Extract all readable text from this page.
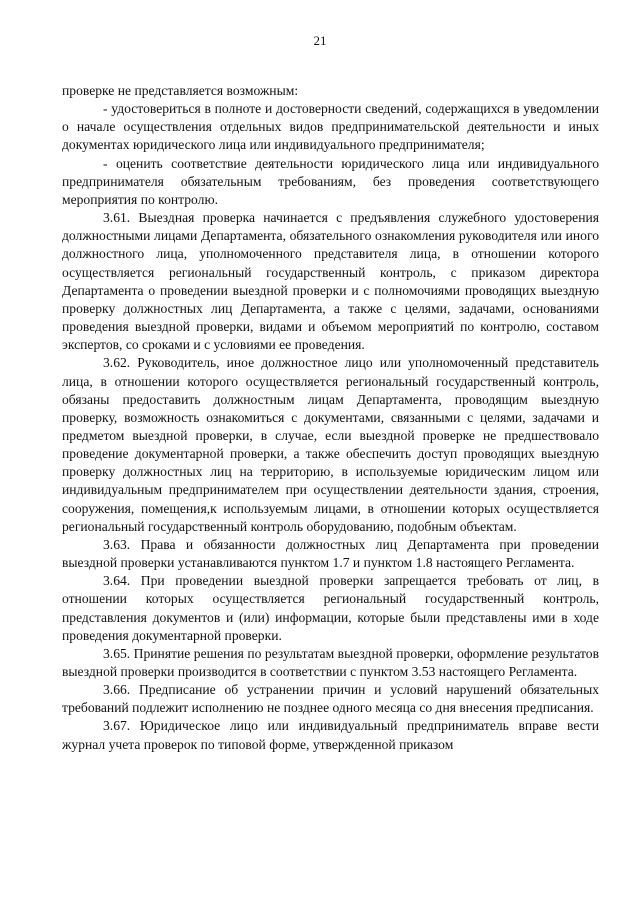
21

проверке не представляется возможным:

- удостовериться в полноте и достоверности сведений, содержащихся в уведомлении о начале осуществления отдельных видов предпринимательской деятельности и иных документах юридического лица или индивидуального предпринимателя;

- оценить соответствие деятельности юридического лица или индивидуального предпринимателя обязательным требованиям, без проведения соответствующего мероприятия по контролю.

3.61. Выездная проверка начинается с предъявления служебного удостоверения должностными лицами Департамента, обязательного ознакомления руководителя или иного должностного лица, уполномоченного представителя лица, в отношении которого осуществляется региональный государственный контроль, с приказом директора Департамента о проведении выездной проверки и с полномочиями проводящих выездную проверку должностных лиц Департамента, а также с целями, задачами, основаниями проведения выездной проверки, видами и объемом мероприятий по контролю, составом экспертов, со сроками и с условиями ее проведения.

3.62. Руководитель, иное должностное лицо или уполномоченный представитель лица, в отношении которого осуществляется региональный государственный контроль, обязаны предоставить должностным лицам Департамента, проводящим выездную проверку, возможность ознакомиться с документами, связанными с целями, задачами и предметом выездной проверки, в случае, если выездной проверке не предшествовало проведение документарной проверки, а также обеспечить доступ проводящих выездную проверку должностных лиц на территорию, в используемые юридическим лицом или индивидуальным предпринимателем при осуществлении деятельности здания, строения, сооружения, помещения,к используемым лицами, в отношении которых осуществляется региональный государственный контроль оборудованию, подобным объектам.

3.63. Права и обязанности должностных лиц Департамента при проведении выездной проверки устанавливаются пунктом 1.7 и пунктом 1.8 настоящего Регламента.

3.64. При проведении выездной проверки запрещается требовать от лиц, в отношении которых осуществляется региональный государственный контроль, представления документов и (или) информации, которые были представлены ими в ходе проведения документарной проверки.

3.65. Принятие решения по результатам выездной проверки, оформление результатов выездной проверки производится в соответствии с пунктом 3.53 настоящего Регламента.

3.66. Предписание об устранении причин и условий нарушений обязательных требований подлежит исполнению не позднее одного месяца со дня внесения предписания.

3.67. Юридическое лицо или индивидуальный предприниматель вправе вести журнал учета проверок по типовой форме, утвержденной приказом
